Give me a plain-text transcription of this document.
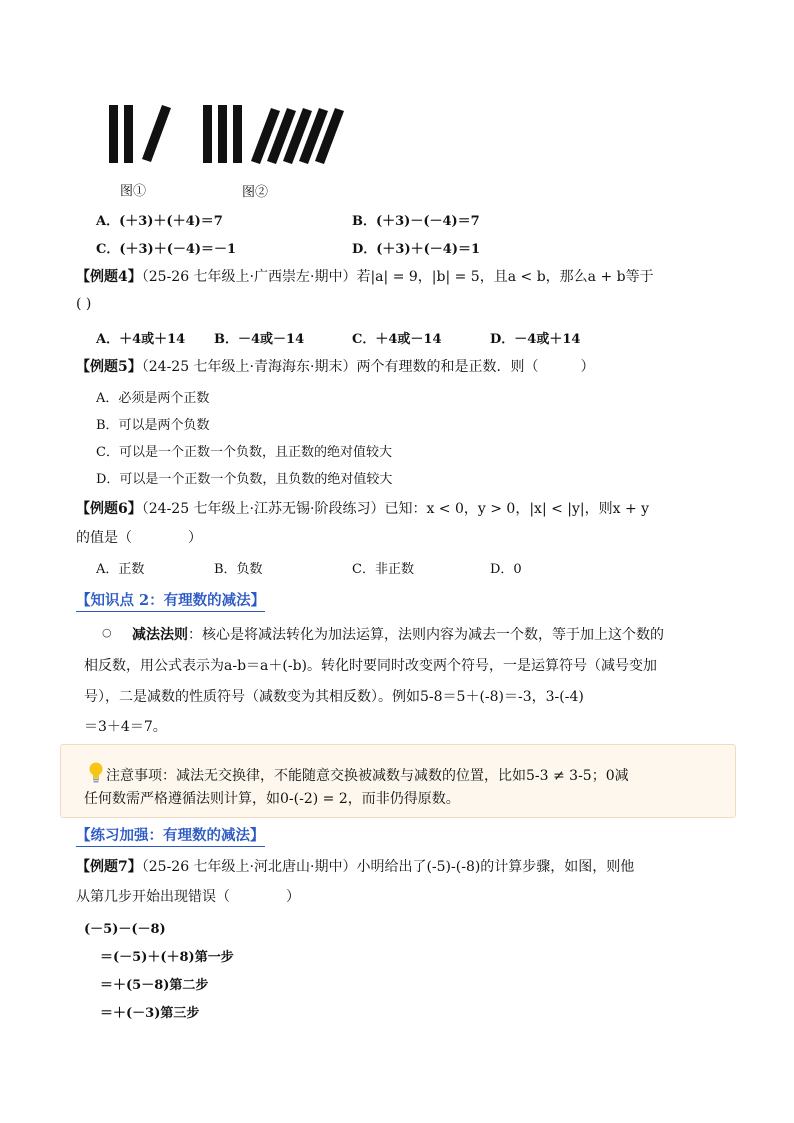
图①	图②
A．(＋3)＋(＋4)＝7	B．(＋3)－(－4)＝7
C．(＋3)＋(－4)＝－1	D．(＋3)＋(－4)＝1
【例题4】（25-26 七年级上·广西崇左·期中）若|a| = 9，|b| = 5，且a < b，那么a + b等于
( )
A．＋4或＋14 B．－4或－14	C．＋4或－14	D．－4或＋14
【例题5】（24-25 七年级上·青海海东·期末）两个有理数的和是正数．则（　　　）
A．必须是两个正数
B．可以是两个负数
C．可以是一个正数一个负数，且正数的绝对值较大
D．可以是一个正数一个负数，且负数的绝对值较大
【例题6】（24-25 七年级上·江苏无锡·阶段练习）已知：x < 0，y > 0，|x| < |y|，则x + y
的值是（　　　　）
A．正数	B．负数	C．非正数	D．0
【知识点 2：有理数的减法】
○ 减法法则：核心是将减法转化为加法运算，法则内容为减去一个数，等于加上这个数的
相反数，用公式表示为a-b＝a＋(-b)。转化时要同时改变两个符号，一是运算符号（减号变加
号），二是减数的性质符号（减数变为其相反数）。例如5-8＝5＋(-8)＝-3，3-(-4)
＝3＋4＝7。
注意事项：减法无交换律，不能随意交换被减数与减数的位置，比如5-3 ≠ 3-5；0减
任何数需严格遵循法则计算，如0-(-2) = 2，而非仍得原数。
【练习加强：有理数的减法】
【例题7】（25-26 七年级上·河北唐山·期中）小明给出了(-5)-(-8)的计算步骤，如图，则他
从第几步开始出现错误（　　　　）
(－5)－(－8)
＝(－5)＋(＋8)第一步
＝＋(5－8)第二步
＝＋(－3)第三步
